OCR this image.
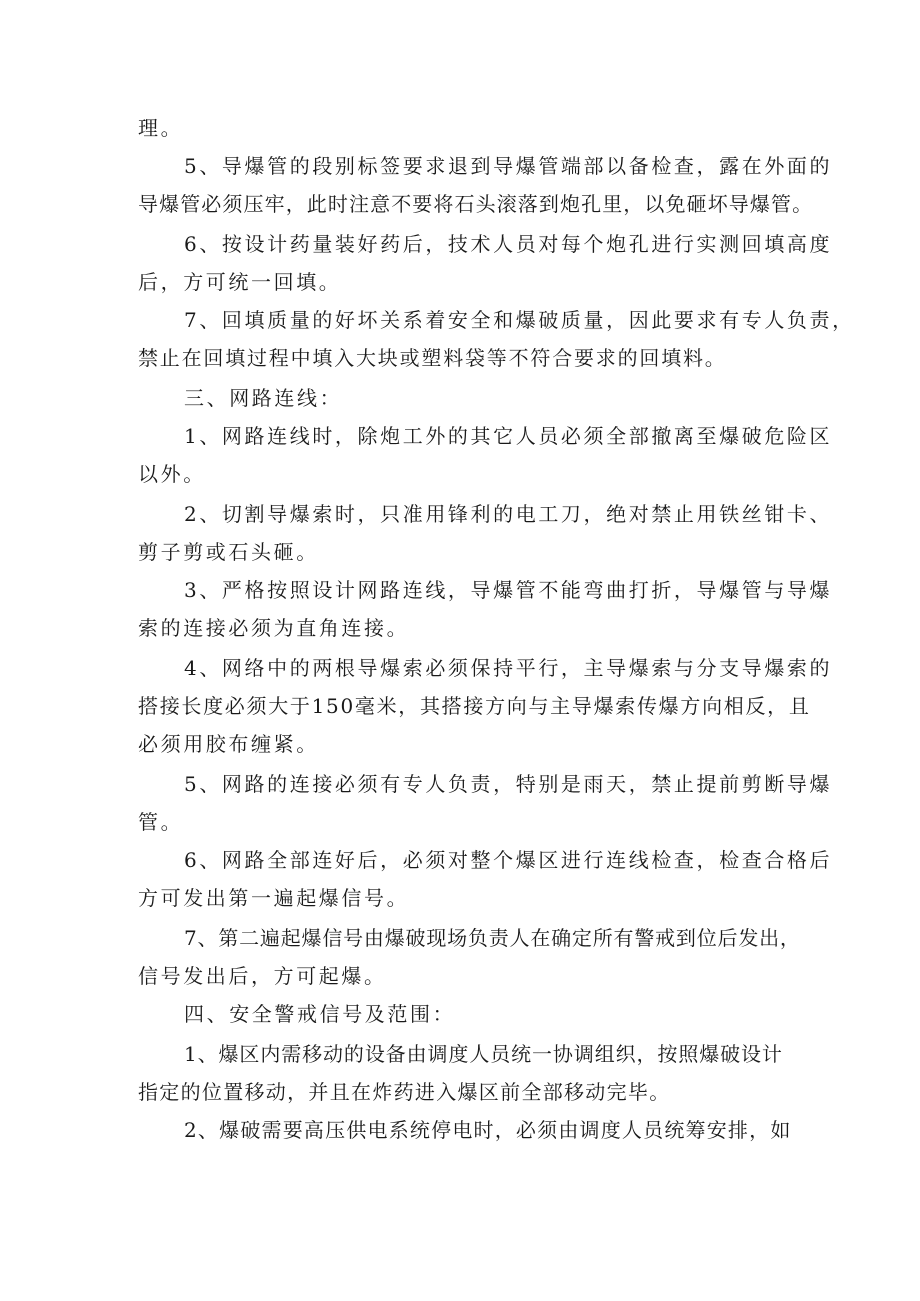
理。
5、导爆管的段别标签要求退到导爆管端部以备检查，露在外面的
导爆管必须压牢，此时注意不要将石头滚落到炮孔里，以免砸坏导爆管。
6、按设计药量装好药后，技术人员对每个炮孔进行实测回填高度
后，方可统一回填。
7、回填质量的好坏关系着安全和爆破质量，因此要求有专人负责，
禁止在回填过程中填入大块或塑料袋等不符合要求的回填料。
三、网路连线：
1、网路连线时，除炮工外的其它人员必须全部撤离至爆破危险区
以外。
2、切割导爆索时，只准用锋利的电工刀，绝对禁止用铁丝钳卡、
剪子剪或石头砸。
3、严格按照设计网路连线，导爆管不能弯曲打折，导爆管与导爆
索的连接必须为直角连接。
4、网络中的两根导爆索必须保持平行，主导爆索与分支导爆索的
搭接长度必须大于150毫米，其搭接方向与主导爆索传爆方向相反，且
必须用胶布缠紧。
5、网路的连接必须有专人负责，特别是雨天，禁止提前剪断导爆
管。
6、网路全部连好后，必须对整个爆区进行连线检查，检查合格后
方可发出第一遍起爆信号。
7、第二遍起爆信号由爆破现场负责人在确定所有警戒到位后发出，
信号发出后，方可起爆。
四、安全警戒信号及范围：
1、爆区内需移动的设备由调度人员统一协调组织，按照爆破设计
指定的位置移动，并且在炸药进入爆区前全部移动完毕。
2、爆破需要高压供电系统停电时，必须由调度人员统筹安排，如
